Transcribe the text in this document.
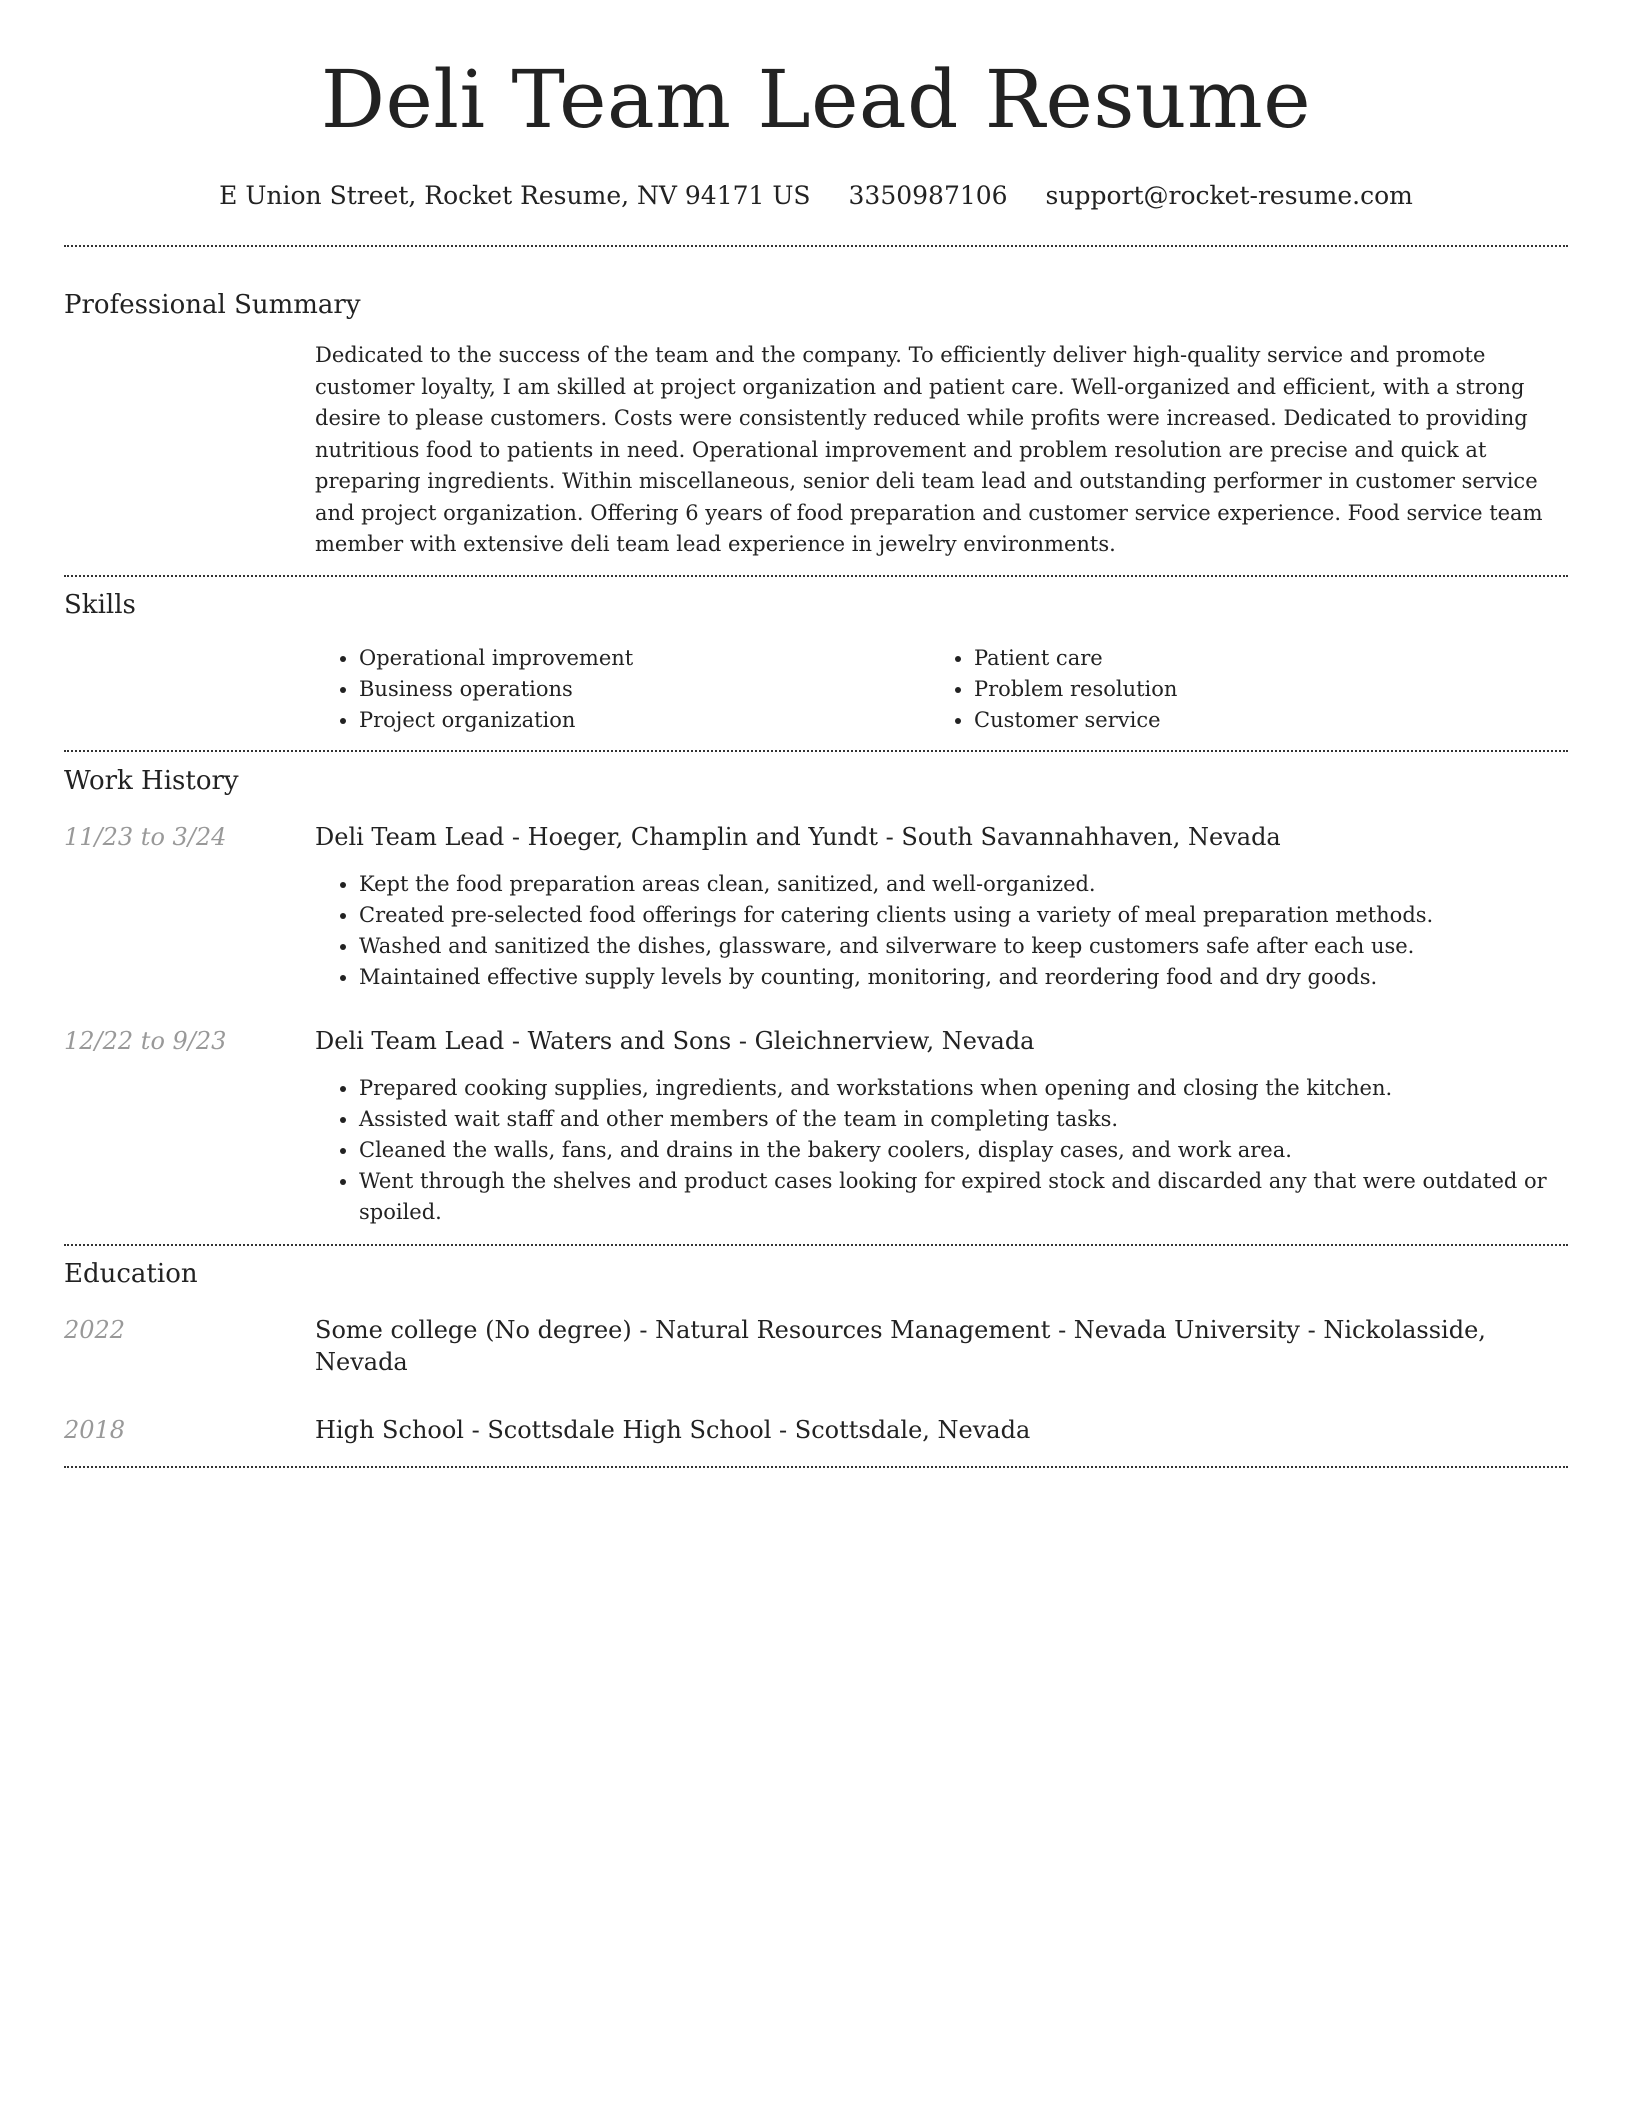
Deli Team Lead Resume
E Union Street, Rocket Resume, NV 94171 US 3350987106 support@rocket-resume.com
Professional Summary
Dedicated to the success of the team and the company. To efficiently deliver high-quality service and promote customer loyalty, I am skilled at project organization and patient care. Well-organized and efficient, with a strong desire to please customers. Costs were consistently reduced while profits were increased. Dedicated to providing nutritious food to patients in need. Operational improvement and problem resolution are precise and quick at preparing ingredients. Within miscellaneous, senior deli team lead and outstanding performer in customer service and project organization. Offering 6 years of food preparation and customer service experience. Food service team member with extensive deli team lead experience in jewelry environments.
Skills
• Operational improvement
• Business operations
• Project organization
• Patient care
• Problem resolution
• Customer service
Work History
11/23 to 3/24	Deli Team Lead - Hoeger, Champlin and Yundt - South Savannahhaven, Nevada
• Kept the food preparation areas clean, sanitized, and well-organized.
• Created pre-selected food offerings for catering clients using a variety of meal preparation methods.
• Washed and sanitized the dishes, glassware, and silverware to keep customers safe after each use.
• Maintained effective supply levels by counting, monitoring, and reordering food and dry goods.
12/22 to 9/23	Deli Team Lead - Waters and Sons - Gleichnerview, Nevada
• Prepared cooking supplies, ingredients, and workstations when opening and closing the kitchen.
• Assisted wait staff and other members of the team in completing tasks.
• Cleaned the walls, fans, and drains in the bakery coolers, display cases, and work area.
• Went through the shelves and product cases looking for expired stock and discarded any that were outdated or spoiled.
Education
2022	Some college (No degree) - Natural Resources Management - Nevada University - Nickolasside, Nevada
2018	High School - Scottsdale High School - Scottsdale, Nevada
